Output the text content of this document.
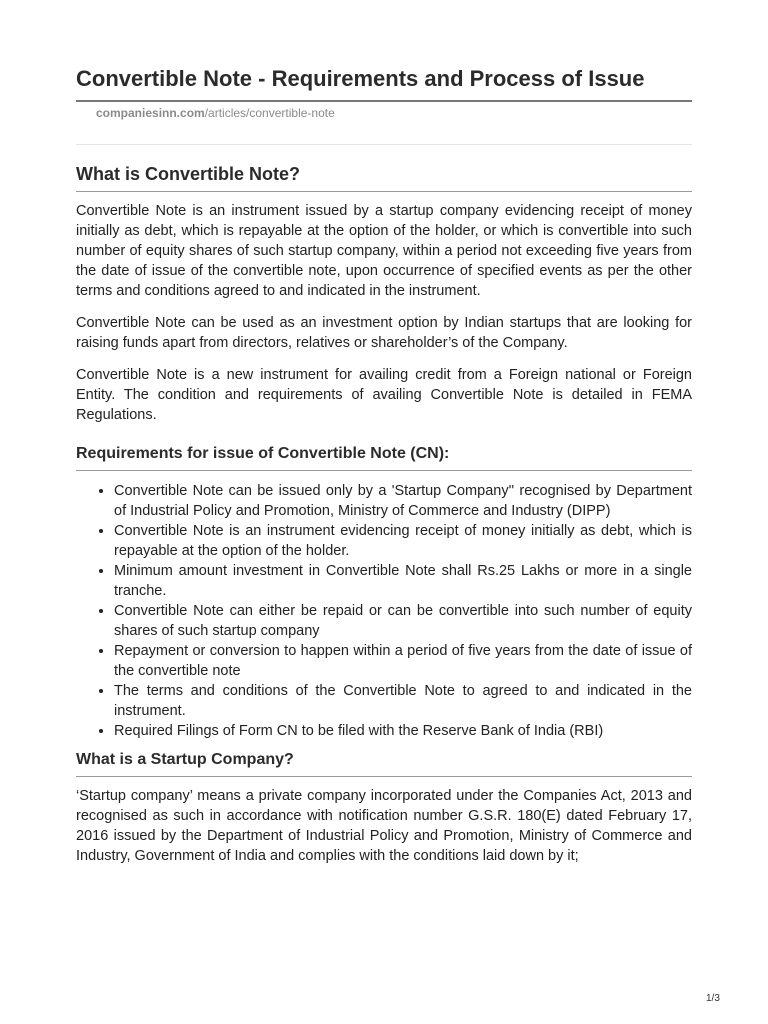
Convertible Note - Requirements and Process of Issue
companiesinn.com/articles/convertible-note
What is Convertible Note?

Convertible Note is an instrument issued by a startup company evidencing receipt of money initially as debt, which is repayable at the option of the holder, or which is convertible into such number of equity shares of such startup company, within a period not exceeding five years from the date of issue of the convertible note, upon occurrence of specified events as per the other terms and conditions agreed to and indicated in the instrument.

Convertible Note can be used as an investment option by Indian startups that are looking for raising funds apart from directors, relatives or shareholder’s of the Company.

Convertible Note is a new instrument for availing credit from a Foreign national or Foreign Entity. The condition and requirements of availing Convertible Note is detailed in FEMA Regulations.

Requirements for issue of Convertible Note (CN):
• Convertible Note can be issued only by a 'Startup Company'' recognised by Department of Industrial Policy and Promotion, Ministry of Commerce and Industry (DIPP)
• Convertible Note is an instrument evidencing receipt of money initially as debt, which is repayable at the option of the holder.
• Minimum amount investment in Convertible Note shall Rs.25 Lakhs or more in a single tranche.
• Convertible Note can either be repaid or can be convertible into such number of equity shares of such startup company
• Repayment or conversion to happen within a period of five years from the date of issue of the convertible note
• The terms and conditions of the Convertible Note to agreed to and indicated in the instrument.
• Required Filings of Form CN to be filed with the Reserve Bank of India (RBI)
What is a Startup Company?

‘Startup company’ means a private company incorporated under the Companies Act, 2013 and recognised as such in accordance with notification number G.S.R. 180(E) dated February 17, 2016 issued by the Department of Industrial Policy and Promotion, Ministry of Commerce and Industry, Government of India and complies with the conditions laid down by it;

1/3
